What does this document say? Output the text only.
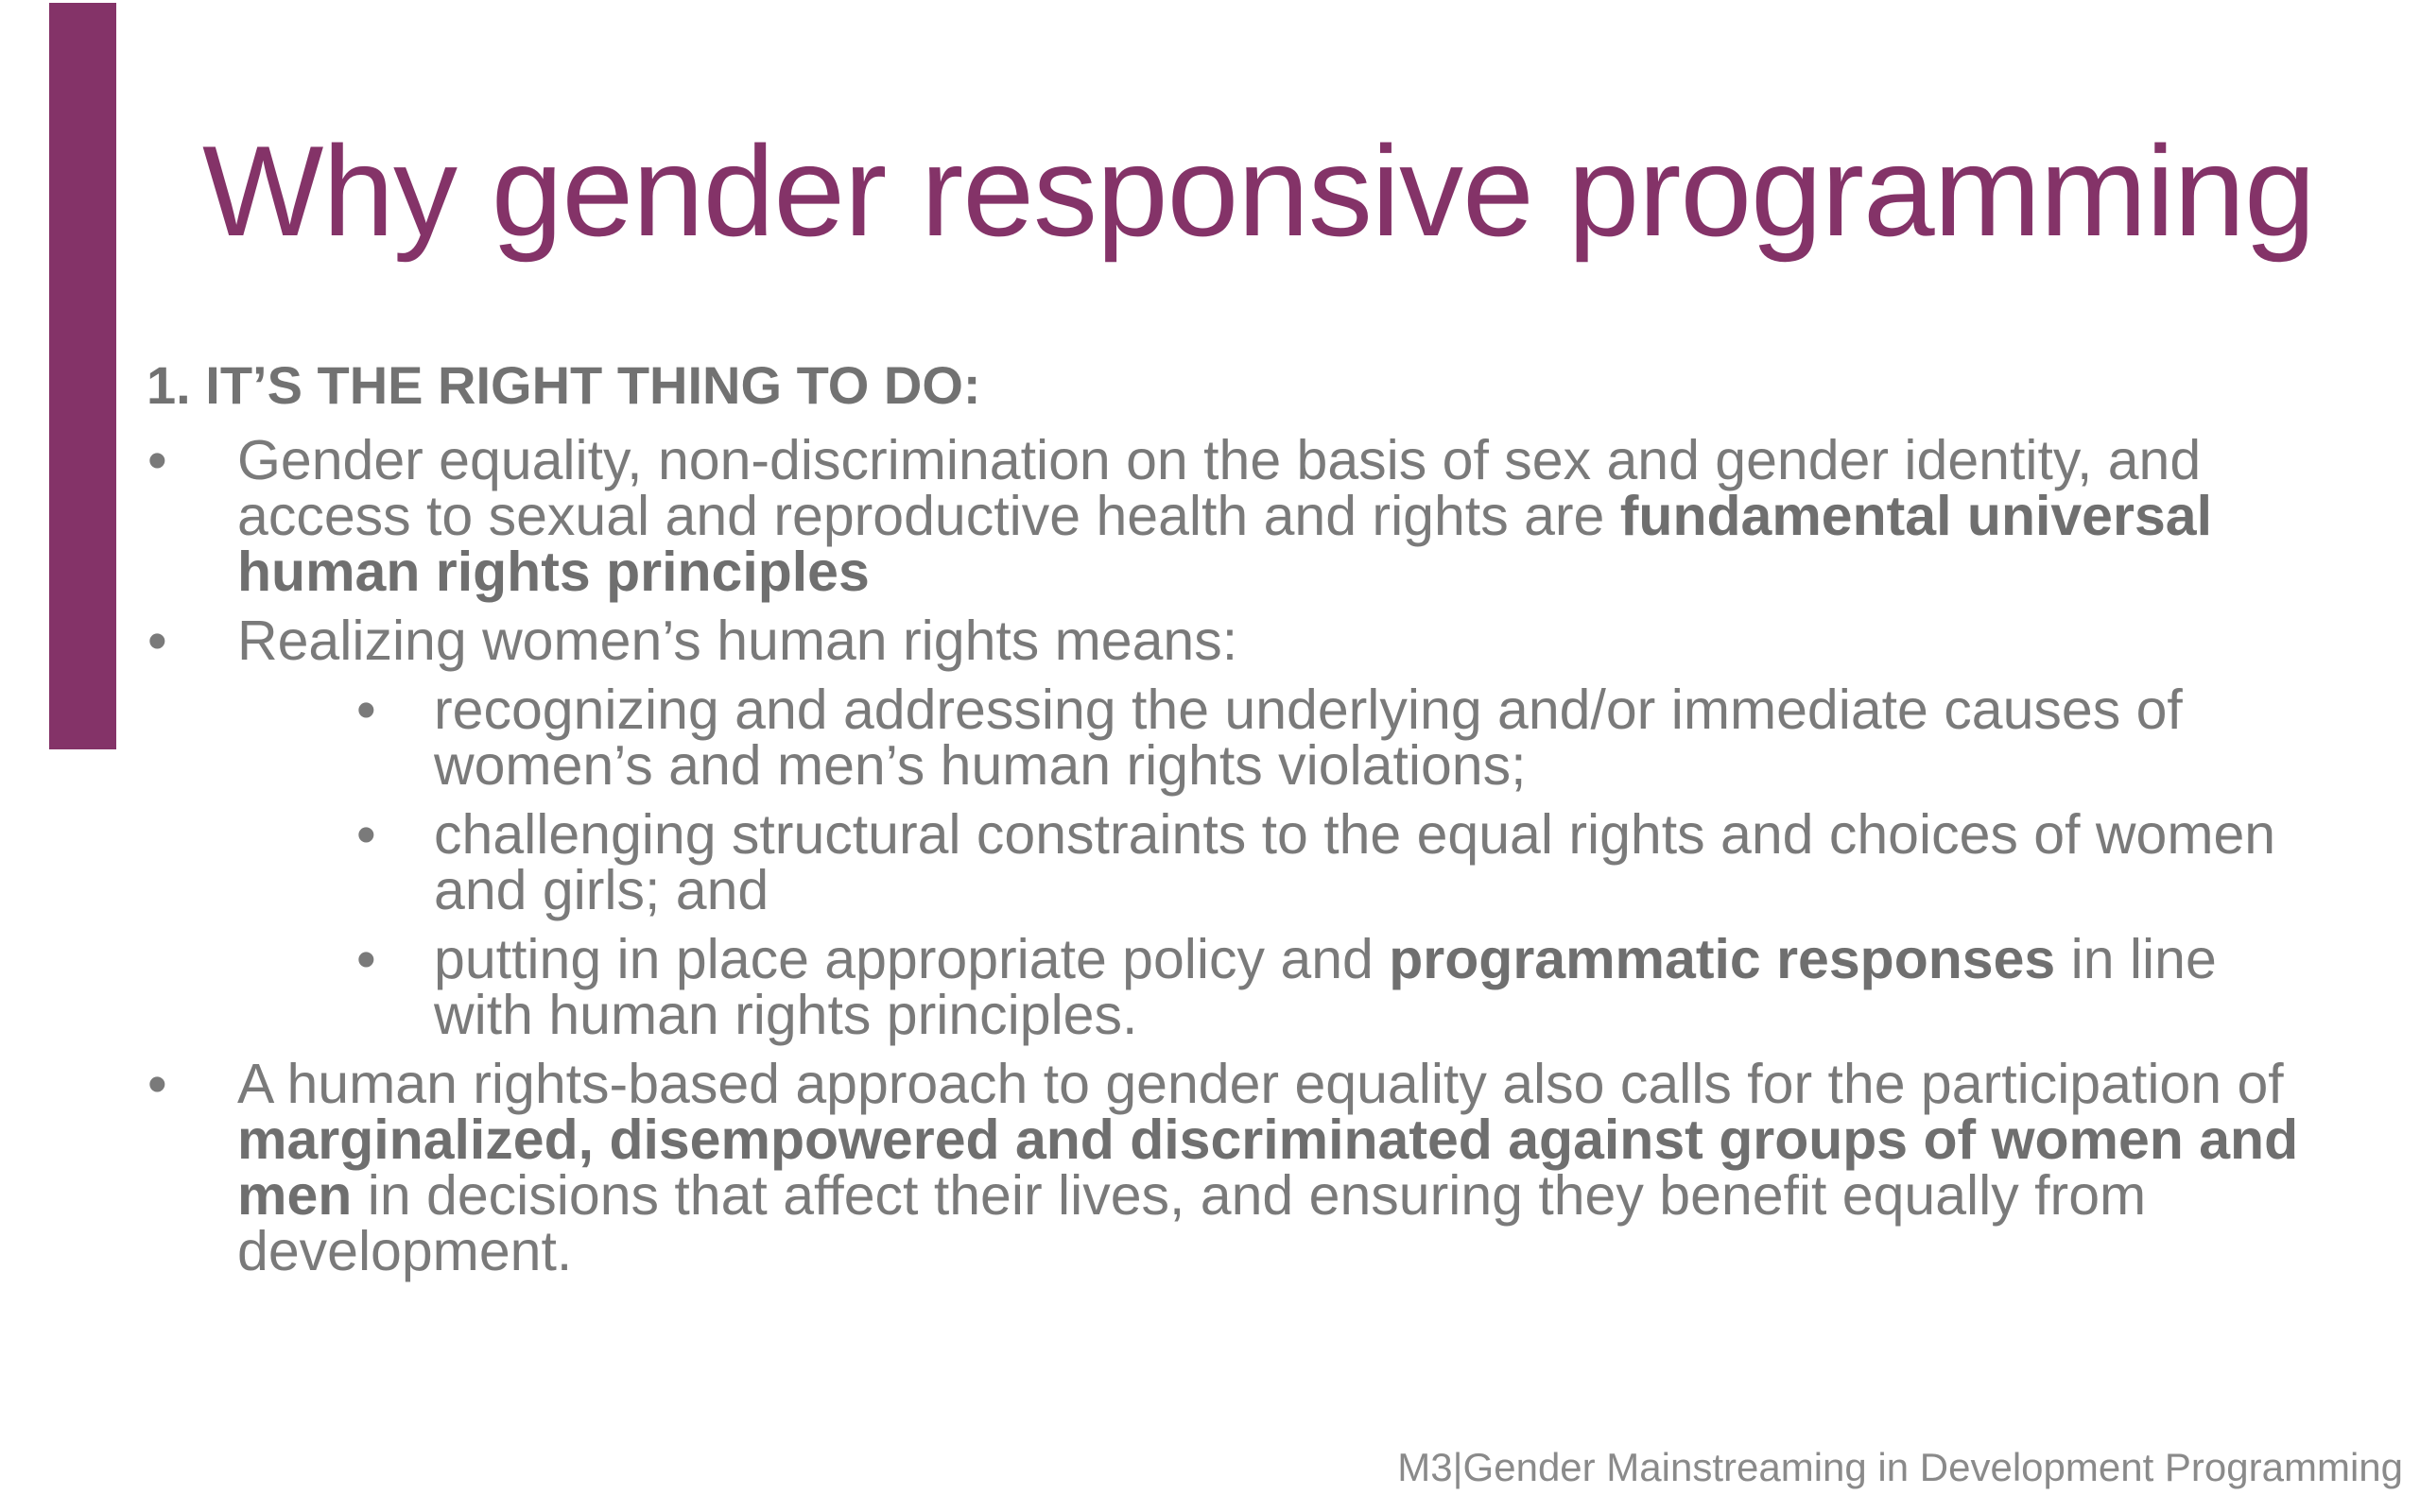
Why gender responsive programming

1. IT’S THE RIGHT THING TO DO:

• Gender equality, non-discrimination on the basis of sex and gender identity, and access to sexual and reproductive health and rights are fundamental universal human rights principles
• Realizing women’s human rights means:
• recognizing and addressing the underlying and/or immediate causes of women’s and men’s human rights violations;
• challenging structural constraints to the equal rights and choices of women and girls; and
• putting in place appropriate policy and programmatic responses in line with human rights principles.
• A human rights-based approach to gender equality also calls for the participation of marginalized, disempowered and discriminated against groups of women and men in decisions that affect their lives, and ensuring they benefit equally from development.
M3|Gender Mainstreaming in Development Programming
